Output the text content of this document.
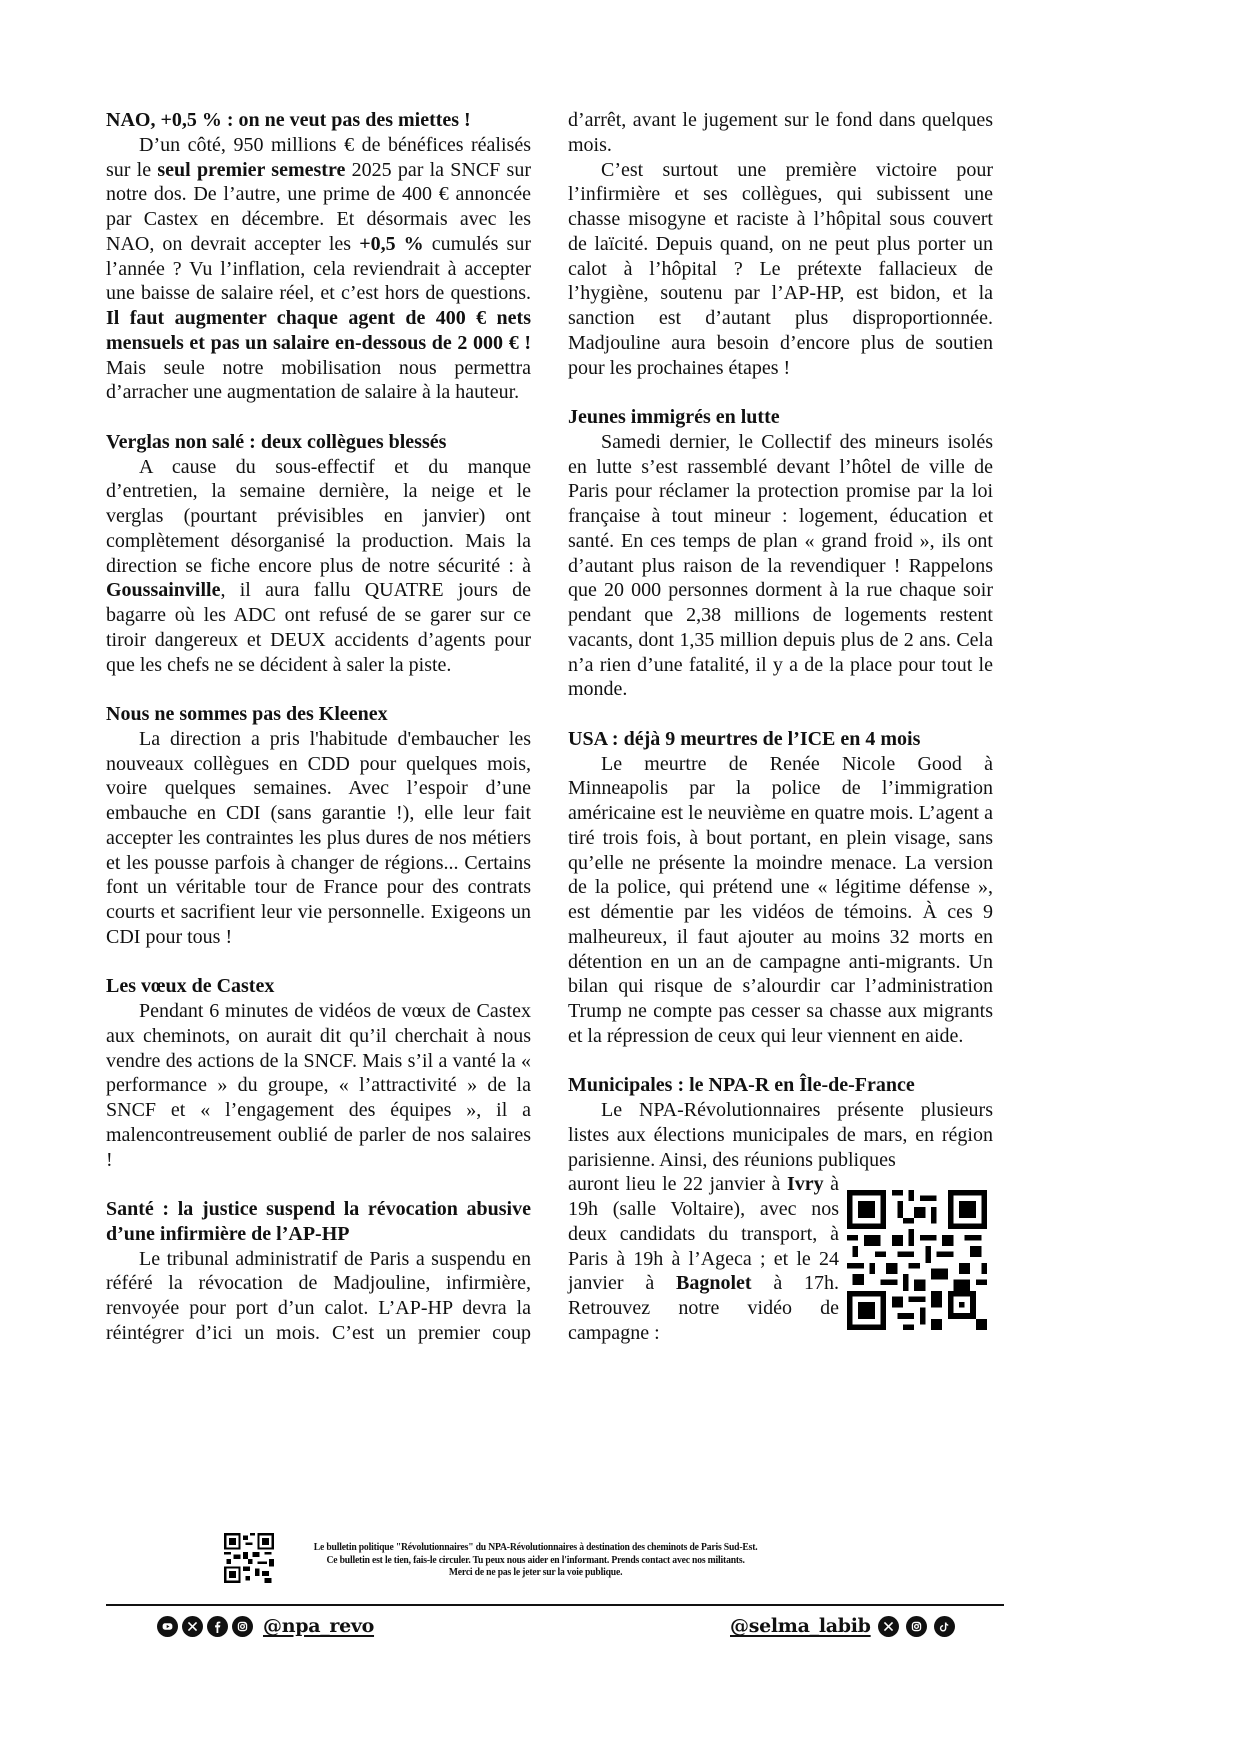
NAO, +0,5 % : on ne veut pas des miettes !

D’un côté, 950 millions € de bénéfices réalisés sur le seul premier semestre 2025 par la SNCF sur notre dos. De l’autre, une prime de 400 € annoncée par Castex en décembre. Et désormais avec les NAO, on devrait accepter les +0,5 % cumulés sur l’année ? Vu l’inflation, cela reviendrait à accepter une baisse de salaire réel, et c’est hors de questions. Il faut augmenter chaque agent de 400 € nets mensuels et pas un salaire en-dessous de 2 000 € ! Mais seule notre mobilisation nous permettra d’arracher une augmentation de salaire à la hauteur.

Verglas non salé : deux collègues blessés

A cause du sous-effectif et du manque d’entretien, la semaine dernière, la neige et le verglas (pourtant prévisibles en janvier) ont complètement désorganisé la production. Mais la direction se fiche encore plus de notre sécurité : à Goussainville, il aura fallu QUATRE jours de bagarre où les ADC ont refusé de se garer sur ce tiroir dangereux et DEUX accidents d’agents pour que les chefs ne se décident à saler la piste.

Nous ne sommes pas des Kleenex

La direction a pris l'habitude d'embaucher les nouveaux collègues en CDD pour quelques mois, voire quelques semaines. Avec l’espoir d’une embauche en CDI (sans garantie !), elle leur fait accepter les contraintes les plus dures de nos métiers et les pousse parfois à changer de régions... Certains font un véritable tour de France pour des contrats courts et sacrifient leur vie personnelle. Exigeons un CDI pour tous !

Les vœux de Castex

Pendant 6 minutes de vidéos de vœux de Castex aux cheminots, on aurait dit qu’il cherchait à nous vendre des actions de la SNCF. Mais s’il a vanté la « performance » du groupe, « l’attractivité » de la SNCF et « l’engagement des équipes », il a malencontreusement oublié de parler de nos salaires !

Santé : la justice suspend la révocation abusive d’une infirmière de l’AP-HP

Le tribunal administratif de Paris a suspendu en référé la révocation de Madjouline, infirmière, renvoyée pour port d’un calot. L’AP-HP devra la réintégrer d’ici un mois. C’est un premier coup

d’arrêt, avant le jugement sur le fond dans quelques mois.

C’est surtout une première victoire pour l’infirmière et ses collègues, qui subissent une chasse misogyne et raciste à l’hôpital sous couvert de laïcité. Depuis quand, on ne peut plus porter un calot à l’hôpital ? Le prétexte fallacieux de l’hygiène, soutenu par l’AP-HP, est bidon, et la sanction est d’autant plus disproportionnée. Madjouline aura besoin d’encore plus de soutien pour les prochaines étapes !

Jeunes immigrés en lutte

Samedi dernier, le Collectif des mineurs isolés en lutte s’est rassemblé devant l’hôtel de ville de Paris pour réclamer la protection promise par la loi française à tout mineur : logement, éducation et santé. En ces temps de plan « grand froid », ils ont d’autant plus raison de la revendiquer ! Rappelons que 20 000 personnes dorment à la rue chaque soir pendant que 2,38 millions de logements restent vacants, dont 1,35 million depuis plus de 2 ans. Cela n’a rien d’une fatalité, il y a de la place pour tout le monde.

USA : déjà 9 meurtres de l’ICE en 4 mois

Le meurtre de Renée Nicole Good à Minneapolis par la police de l’immigration américaine est le neuvième en quatre mois. L’agent a tiré trois fois, à bout portant, en plein visage, sans qu’elle ne présente la moindre menace. La version de la police, qui prétend une « légitime défense », est démentie par les vidéos de témoins. À ces 9 malheureux, il faut ajouter au moins 32 morts en détention en un an de campagne anti-migrants. Un bilan qui risque de s’alourdir car l’administration Trump ne compte pas cesser sa chasse aux migrants et la répression de ceux qui leur viennent en aide.

Municipales : le NPA-R en Île-de-France

Le NPA-Révolutionnaires présente plusieurs listes aux élections municipales de mars, en région parisienne. Ainsi, des réunions publiques

auront lieu le 22 janvier à Ivry à 19h (salle Voltaire), avec nos deux candidats du transport, à Paris à 19h à l’Ageca ; et le 24 janvier à Bagnolet à 17h. Retrouvez notre vidéo de campagne :

Le bulletin politique "Révolutionnaires" du NPA-Révolutionnaires à destination des cheminots de Paris Sud-Est.
Ce bulletin est le tien, fais-le circuler. Tu peux nous aider en l'informant. Prends contact avec nos militants.
Merci de ne pas le jeter sur la voie publique.
@npa_revo	@selma_labib
